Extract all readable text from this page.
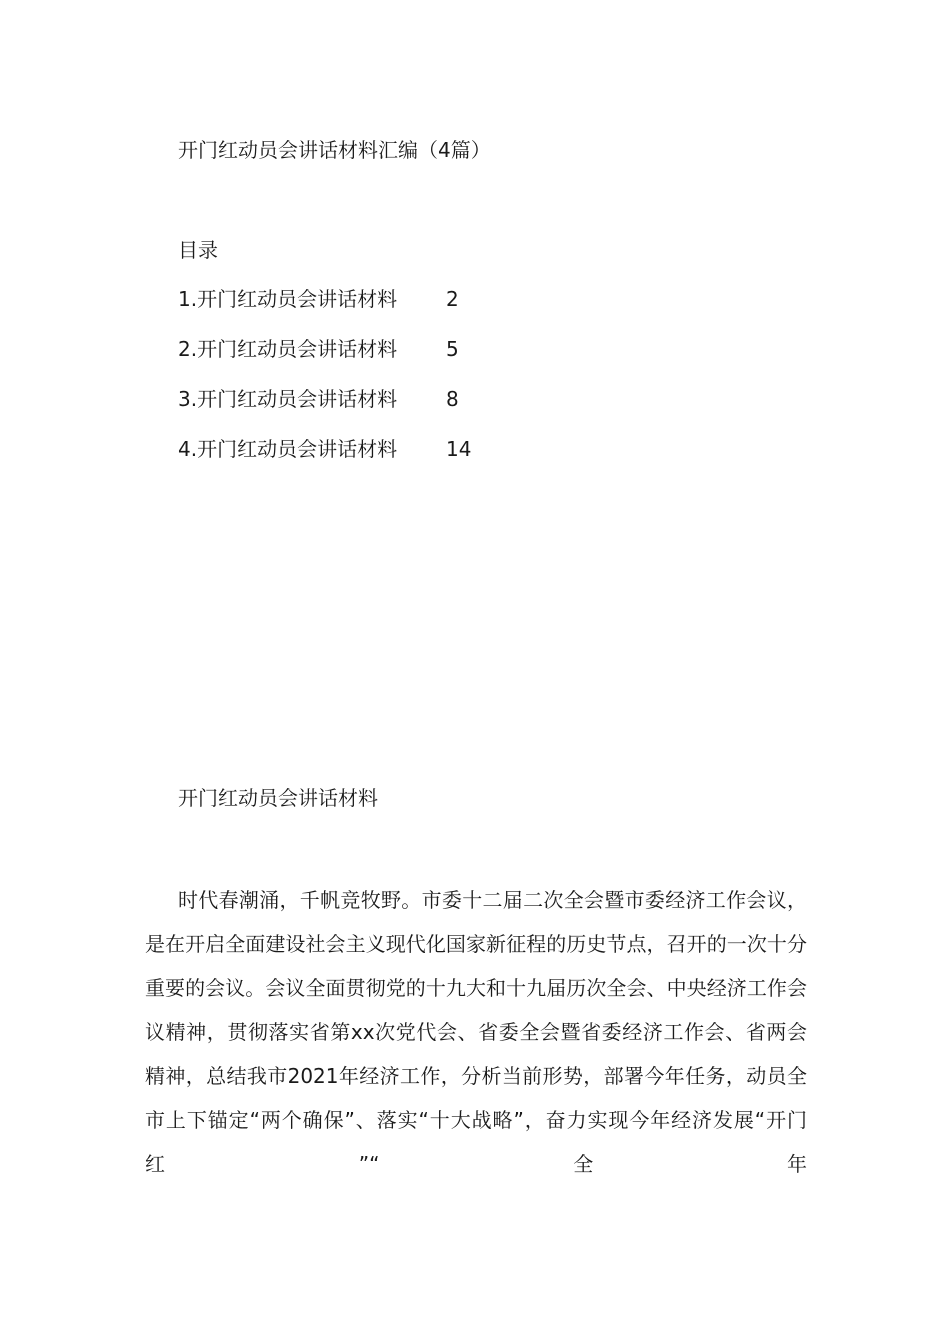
开门红动员会讲话材料汇编（4篇）
目录
1.开门红动员会讲话材料 2
2.开门红动员会讲话材料 5
3.开门红动员会讲话材料 8
4.开门红动员会讲话材料 14
开门红动员会讲话材料

时代春潮涌，千帆竞牧野。市委十二届二次全会暨市委经济工作会议，是在开启全面建设社会主义现代化国家新征程的历史节点，召开的一次十分重要的会议。会议全面贯彻党的十九大和十九届历次全会、中央经济工作会议精神，贯彻落实省第xx次党代会、省委全会暨省委经济工作会、省两会精神，总结我市2021年经济工作，分析当前形势，部署今年任务，动员全市上下锚定“两个确保”、落实“十大战略”，奋力实现今年经济发展“开门红”“全年
